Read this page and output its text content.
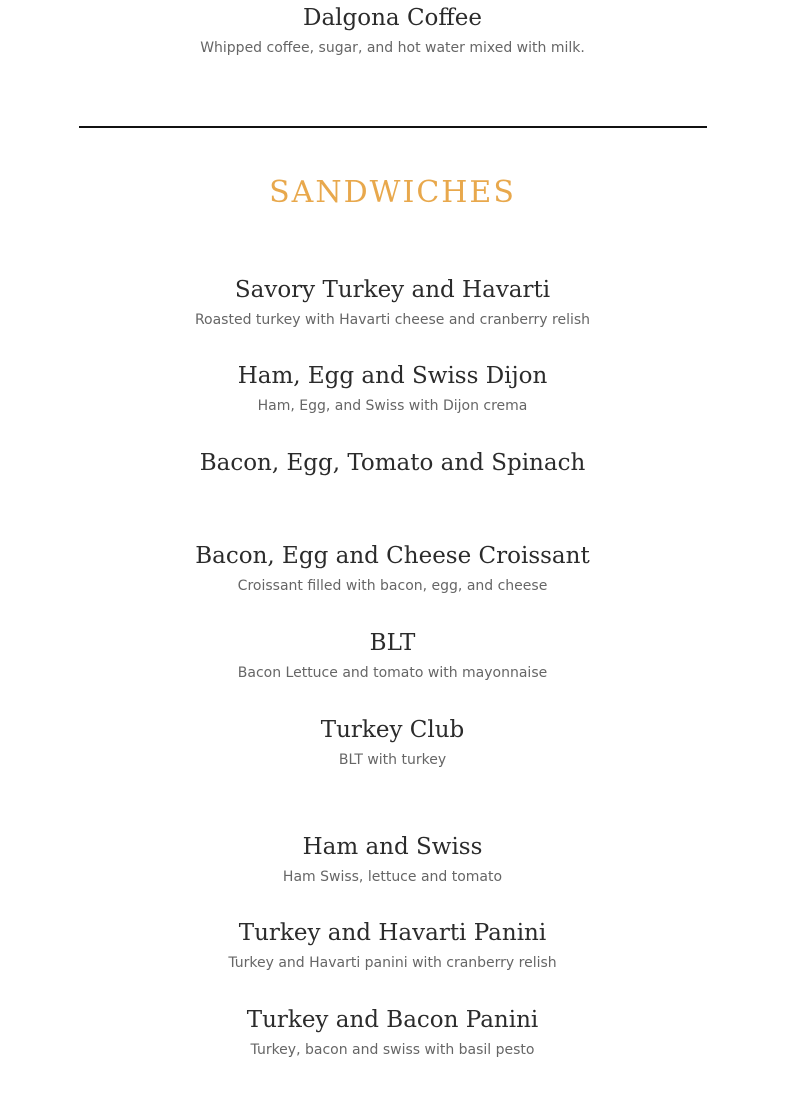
Dalgona Coffee
Whipped coffee, sugar, and hot water mixed with milk.
SANDWICHES
Savory Turkey and Havarti
Roasted turkey with Havarti cheese and cranberry relish
Ham, Egg and Swiss Dijon
Ham, Egg, and Swiss with Dijon crema
Bacon, Egg, Tomato and Spinach
Bacon, Egg and Cheese Croissant
Croissant filled with bacon, egg, and cheese
BLT
Bacon Lettuce and tomato with mayonnaise
Turkey Club
BLT with turkey
Ham and Swiss
Ham Swiss, lettuce and tomato
Turkey and Havarti Panini
Turkey and Havarti panini with cranberry relish
Turkey and Bacon Panini
Turkey, bacon and swiss with basil pesto
